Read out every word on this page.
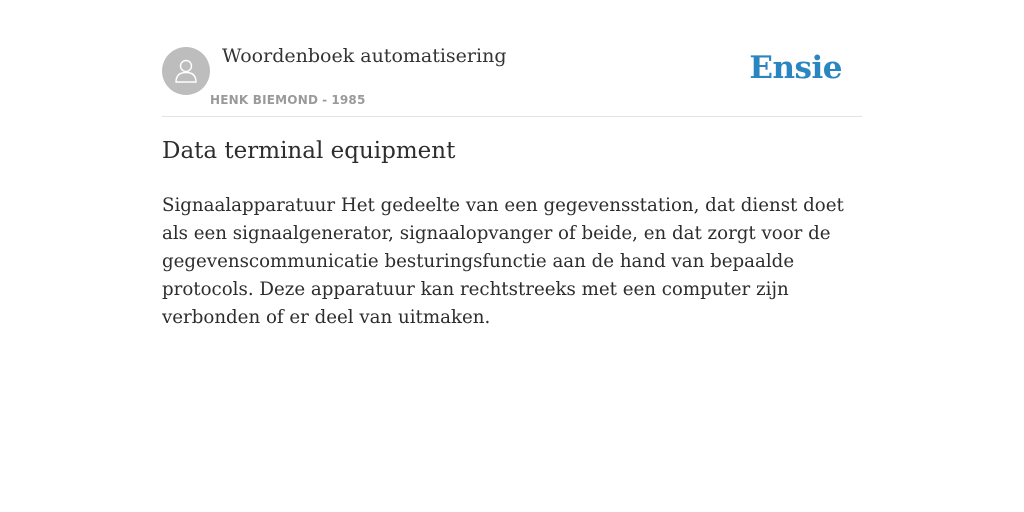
Woordenboek automatisering
HENK BIEMOND - 1985
Ensie
Data terminal equipment

Signaalapparatuur Het gedeelte van een gegevensstation, dat dienst doet als een signaalgenerator, signaalopvanger of beide, en dat zorgt voor de gegevenscommunicatie besturingsfunctie aan de hand van bepaalde protocols. Deze apparatuur kan rechtstreeks met een computer zijn verbonden of er deel van uitmaken.
